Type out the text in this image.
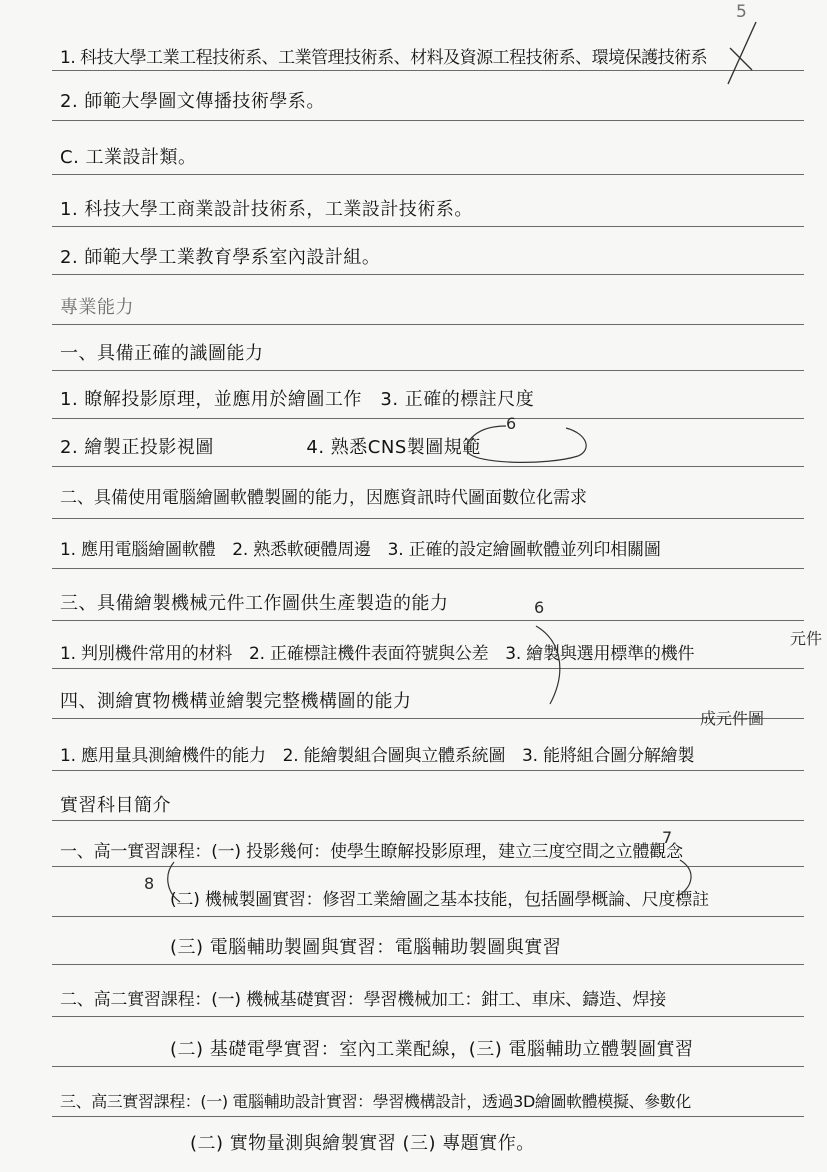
5
1. 科技大學工業工程技術系、工業管理技術系、材料及資源工程技術系、環境保護技術系
2. 師範大學圖文傳播技術學系。
C. 工業設計類。
1. 科技大學工商業設計技術系，工業設計技術系。
2. 師範大學工業教育學系室內設計組。
專業能力
一、具備正確的識圖能力
1. 瞭解投影原理，並應用於繪圖工作　3. 正確的標註尺度
2. 繪製正投影視圖　　　　　4. 熟悉CNS製圖規範
二、具備使用電腦繪圖軟體製圖的能力，因應資訊時代圖面數位化需求
1. 應用電腦繪圖軟體　2. 熟悉軟硬體周邊　3. 正確的設定繪圖軟體並列印相關圖
三、具備繪製機械元件工作圖供生產製造的能力
1. 判別機件常用的材料　2. 正確標註機件表面符號與公差　3. 繪製與選用標準的機件
四、測繪實物機構並繪製完整機構圖的能力
1. 應用量具測繪機件的能力　2. 能繪製組合圖與立體系統圖　3. 能將組合圖分解繪製
實習科目簡介
一、高一實習課程：(一) 投影幾何：使學生瞭解投影原理，建立三度空間之立體觀念
(二) 機械製圖實習：修習工業繪圖之基本技能，包括圖學概論、尺度標註
(三) 電腦輔助製圖與實習：電腦輔助製圖與實習
二、高二實習課程：(一) 機械基礎實習：學習機械加工：鉗工、車床、鑄造、焊接
(二) 基礎電學實習：室內工業配線，(三) 電腦輔助立體製圖實習
三、高三實習課程：(一) 電腦輔助設計實習：學習機構設計，透過3D繪圖軟體模擬、參數化
(二) 實物量測與繪製實習 (三) 專題實作。
6
6
元件
成元件圖
8
7
